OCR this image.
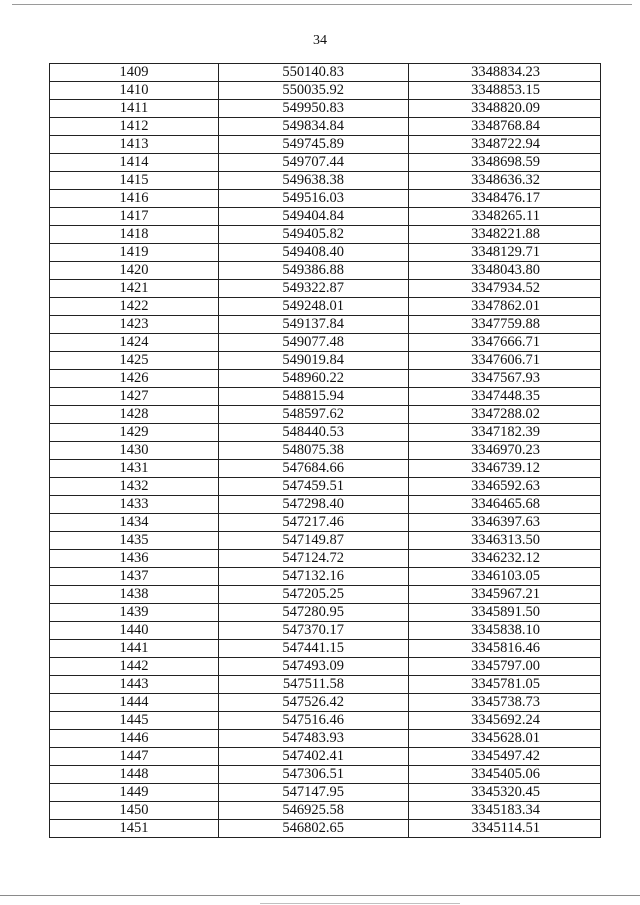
34
1409	550140.83	3348834.23
1410	550035.92	3348853.15
1411	549950.83	3348820.09
1412	549834.84	3348768.84
1413	549745.89	3348722.94
1414	549707.44	3348698.59
1415	549638.38	3348636.32
1416	549516.03	3348476.17
1417	549404.84	3348265.11
1418	549405.82	3348221.88
1419	549408.40	3348129.71
1420	549386.88	3348043.80
1421	549322.87	3347934.52
1422	549248.01	3347862.01
1423	549137.84	3347759.88
1424	549077.48	3347666.71
1425	549019.84	3347606.71
1426	548960.22	3347567.93
1427	548815.94	3347448.35
1428	548597.62	3347288.02
1429	548440.53	3347182.39
1430	548075.38	3346970.23
1431	547684.66	3346739.12
1432	547459.51	3346592.63
1433	547298.40	3346465.68
1434	547217.46	3346397.63
1435	547149.87	3346313.50
1436	547124.72	3346232.12
1437	547132.16	3346103.05
1438	547205.25	3345967.21
1439	547280.95	3345891.50
1440	547370.17	3345838.10
1441	547441.15	3345816.46
1442	547493.09	3345797.00
1443	547511.58	3345781.05
1444	547526.42	3345738.73
1445	547516.46	3345692.24
1446	547483.93	3345628.01
1447	547402.41	3345497.42
1448	547306.51	3345405.06
1449	547147.95	3345320.45
1450	546925.58	3345183.34
1451	546802.65	3345114.51
